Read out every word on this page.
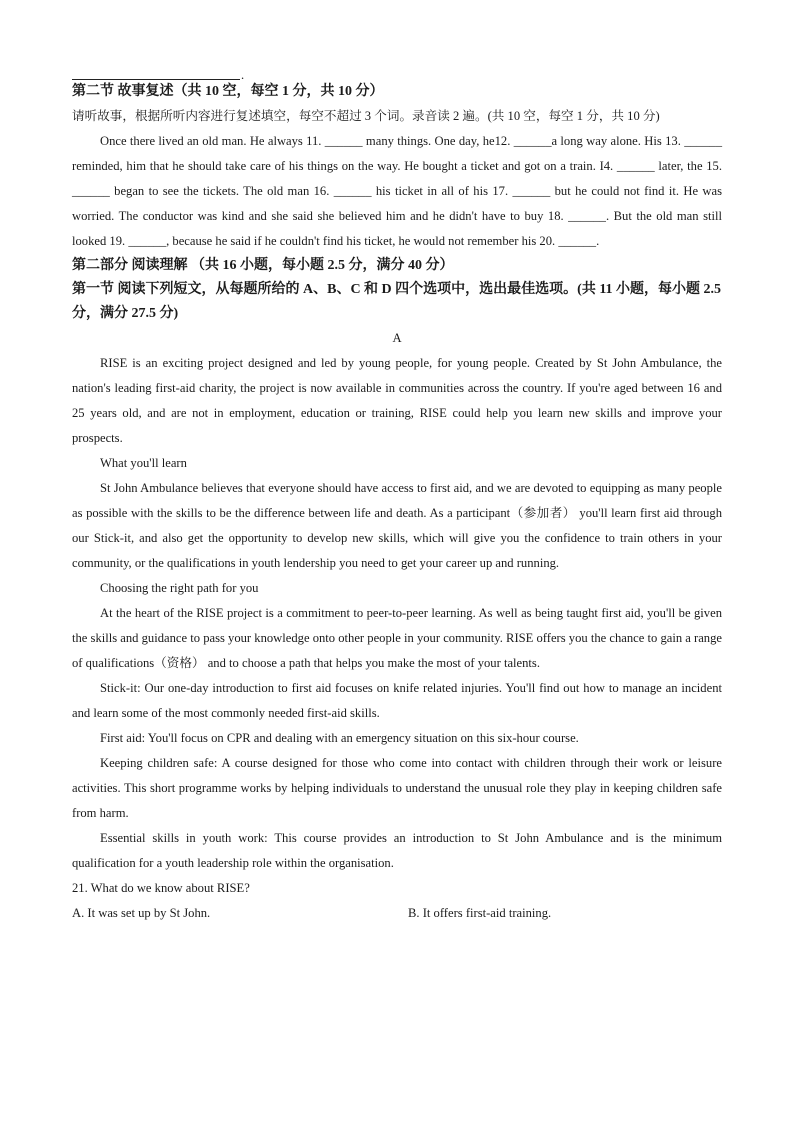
.

第二节 故事复述（共 10 空，每空 1 分，共 10 分）

请听故事，根据所听内容进行复述填空，每空不超过 3 个词。录音读 2 遍。(共 10 空，每空 1 分，共 10 分)

Once there lived an old man. He always 11. ______ many things. One day, he12. ______a long way alone. His 13. ______ reminded, him that he should take care of his things on the way. He bought a ticket and got on a train. I4. ______ later, the 15. ______ began to see the tickets. The old man 16. ______ his ticket in all of his 17. ______ but he could not find it. He was worried. The conductor was kind and she said she believed him and he didn't have to buy 18. ______. But the old man still looked 19. ______, because he said if he couldn't find his ticket, he would not remember his 20. ______.

第二部分 阅读理解 （共 16 小题，每小题 2.5 分，满分 40 分）

第一节 阅读下列短文，从每题所给的 A、B、C 和 D 四个选项中，选出最佳选项。(共 11 小题，每小题 2.5 分，满分 27.5 分)

A

RISE is an exciting project designed and led by young people, for young people. Created by St John Ambulance, the nation's leading first-aid charity, the project is now available in communities across the country. If you're aged between 16 and 25 years old, and are not in employment, education or training, RISE could help you learn new skills and improve your prospects.

What you'll learn

St John Ambulance believes that everyone should have access to first aid, and we are devoted to equipping as many people as possible with the skills to be the difference between life and death. As a participant（参加者） you'll learn first aid through our Stick-it, and also get the opportunity to develop new skills, which will give you the confidence to train others in your community, or the qualifications in youth lendership you need to get your career up and running.

Choosing the right path for you

At the heart of the RISE project is a commitment to peer-to-peer learning. As well as being taught first aid, you'll be given the skills and guidance to pass your knowledge onto other people in your community. RISE offers you the chance to gain a range of qualifications（资格） and to choose a path that helps you make the most of your talents.

Stick-it: Our one-day introduction to first aid focuses on knife related injuries. You'll find out how to manage an incident and learn some of the most commonly needed first-aid skills.

First aid: You'll focus on CPR and dealing with an emergency situation on this six-hour course.

Keeping children safe: A course designed for those who come into contact with children through their work or leisure activities. This short programme works by helping individuals to understand the unusual role they play in keeping children safe from harm.

Essential skills in youth work: This course provides an introduction to St John Ambulance and is the minimum qualification for a youth leadership role within the organisation.

21. What do we know about RISE?

A. It was set up by St John.	B. It offers first-aid training.
